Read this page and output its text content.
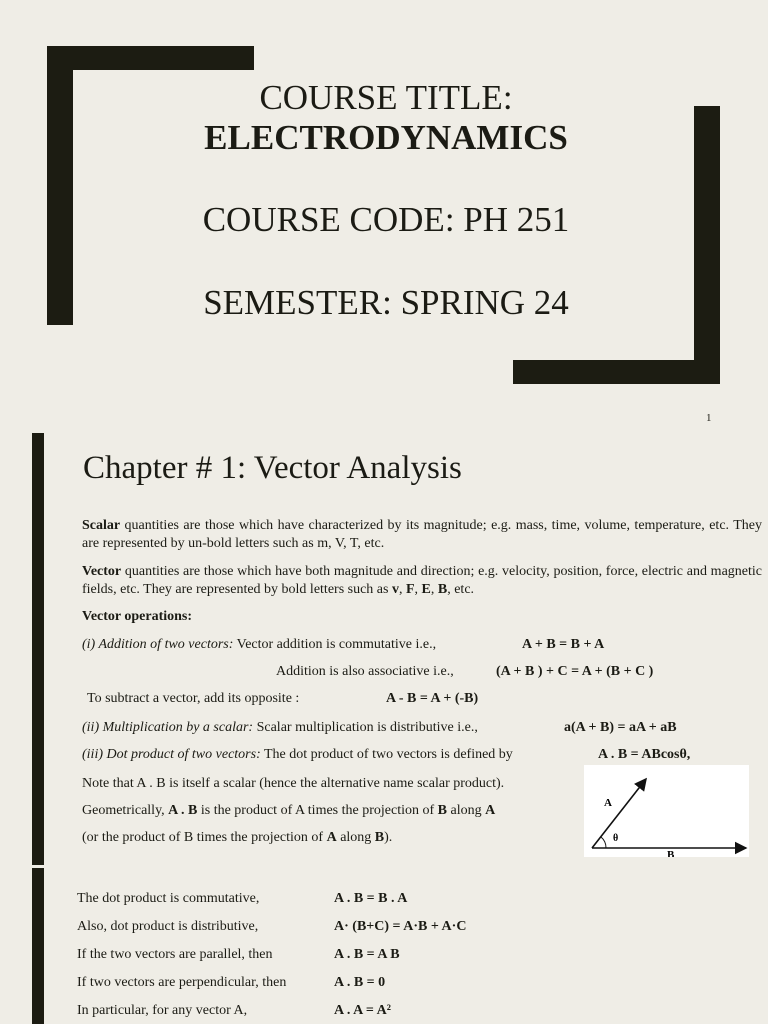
COURSE TITLE:
ELECTRODYNAMICS
COURSE CODE: PH 251
SEMESTER: SPRING 24
1
Chapter # 1: Vector Analysis
Scalar quantities are those which have characterized by its magnitude; e.g. mass, time, volume, temperature, etc. They are represented by un-bold letters such as m, V, T, etc.
Vector quantities are those which have both magnitude and direction; e.g. velocity, position, force, electric and magnetic fields, etc. They are represented by bold letters such as v, F, E, B, etc.
Vector operations:
(i) Addition of two vectors: Vector addition is commutative i.e.,	A + B = B + A
Addition is also associative i.e.,	(A + B ) + C = A + (B + C )
To subtract a vector, add its opposite :	A - B = A + (-B)
(ii) Multiplication by a scalar: Scalar multiplication is distributive i.e.,	a(A + B) = aA + aB
(iii) Dot product of two vectors: The dot product of two vectors is defined by	A . B = ABcosθ,
Note that A . B is itself a scalar (hence the alternative name scalar product).
Geometrically, A . B is the product of A times the projection of B along A
(or the product of B times the projection of A along B).
A
θ
B
The dot product is commutative,	A . B = B . A
Also, dot product is distributive,	A· (B+C) = A·B + A·C
If the two vectors are parallel, then	A . B = A B
If two vectors are perpendicular, then	A . B = 0
In particular, for any vector A,	A . A = A²
